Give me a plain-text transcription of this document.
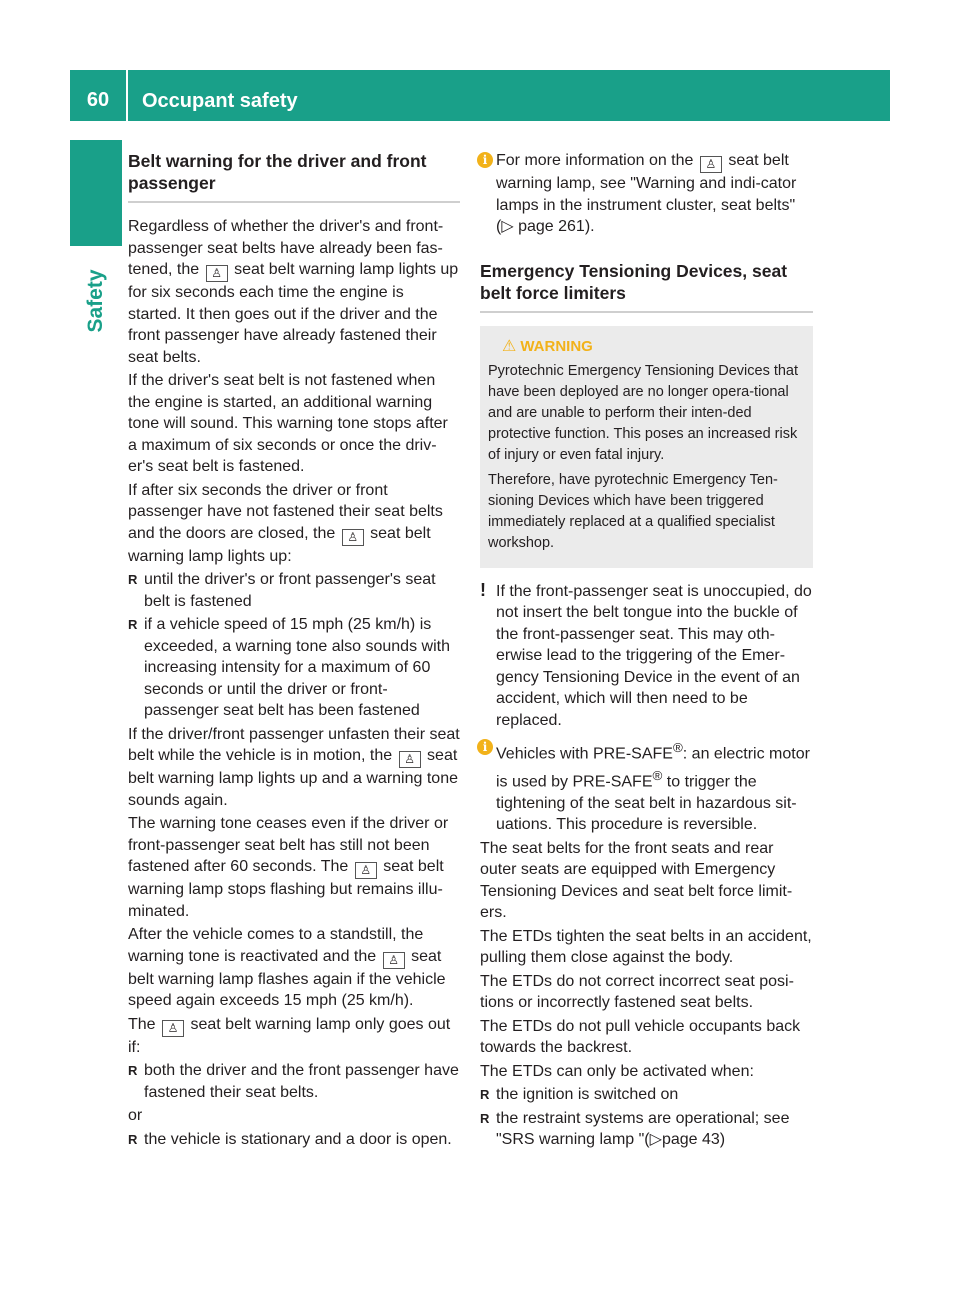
60	Occupant safety
Safety
Belt warning for the driver and front passenger

Regardless of whether the driver's and front-passenger seat belts have already been fas-tened, the ♙ seat belt warning lamp lights up for six seconds each time the engine is started. It then goes out if the driver and the front passenger have already fastened their seat belts.

If the driver's seat belt is not fastened when the engine is started, an additional warning tone will sound. This warning tone stops after a maximum of six seconds or once the driv-er's seat belt is fastened.

If after six seconds the driver or front passenger have not fastened their seat belts and the doors are closed, the ♙ seat belt warning lamp lights up:

R until the driver's or front passenger's seat belt is fastened
R if a vehicle speed of 15 mph (25 km/h) is exceeded, a warning tone also sounds with increasing intensity for a maximum of 60 seconds or until the driver or front-passenger seat belt has been fastened

If the driver/front passenger unfasten their seat belt while the vehicle is in motion, the ♙ seat belt warning lamp lights up and a warning tone sounds again.

The warning tone ceases even if the driver or front-passenger seat belt has still not been fastened after 60 seconds. The ♙ seat belt warning lamp stops flashing but remains illu-minated.

After the vehicle comes to a standstill, the warning tone is reactivated and the ♙ seat belt warning lamp flashes again if the vehicle speed again exceeds 15 mph (25 km/h).

The ♙ seat belt warning lamp only goes out if:

R both the driver and the front passenger have fastened their seat belts.

or

R the vehicle is stationary and a door is open.
i For more information on the ♙ seat belt warning lamp, see "Warning and indi-cator lamps in the instrument cluster, seat belts" (▷ page 261).
Emergency Tensioning Devices, seat belt force limiters
⚠ WARNING

Pyrotechnic Emergency Tensioning Devices that have been deployed are no longer opera-tional and are unable to perform their inten-ded protective function. This poses an increased risk of injury or even fatal injury.

Therefore, have pyrotechnic Emergency Ten-sioning Devices which have been triggered immediately replaced at a qualified specialist workshop.

! If the front-passenger seat is unoccupied, do not insert the belt tongue into the buckle of the front-passenger seat. This may oth-erwise lead to the triggering of the Emer-gency Tensioning Device in the event of an accident, which will then need to be replaced.
i Vehicles with PRE-SAFE®: an electric motor is used by PRE-SAFE® to trigger the tightening of the seat belt in hazardous sit-uations. This procedure is reversible.

The seat belts for the front seats and rear outer seats are equipped with Emergency Tensioning Devices and seat belt force limit-ers.

The ETDs tighten the seat belts in an accident, pulling them close against the body.

The ETDs do not correct incorrect seat posi-tions or incorrectly fastened seat belts.

The ETDs do not pull vehicle occupants back towards the backrest.

The ETDs can only be activated when:

R the ignition is switched on
R the restraint systems are operational; see "SRS warning lamp "(▷page 43)
